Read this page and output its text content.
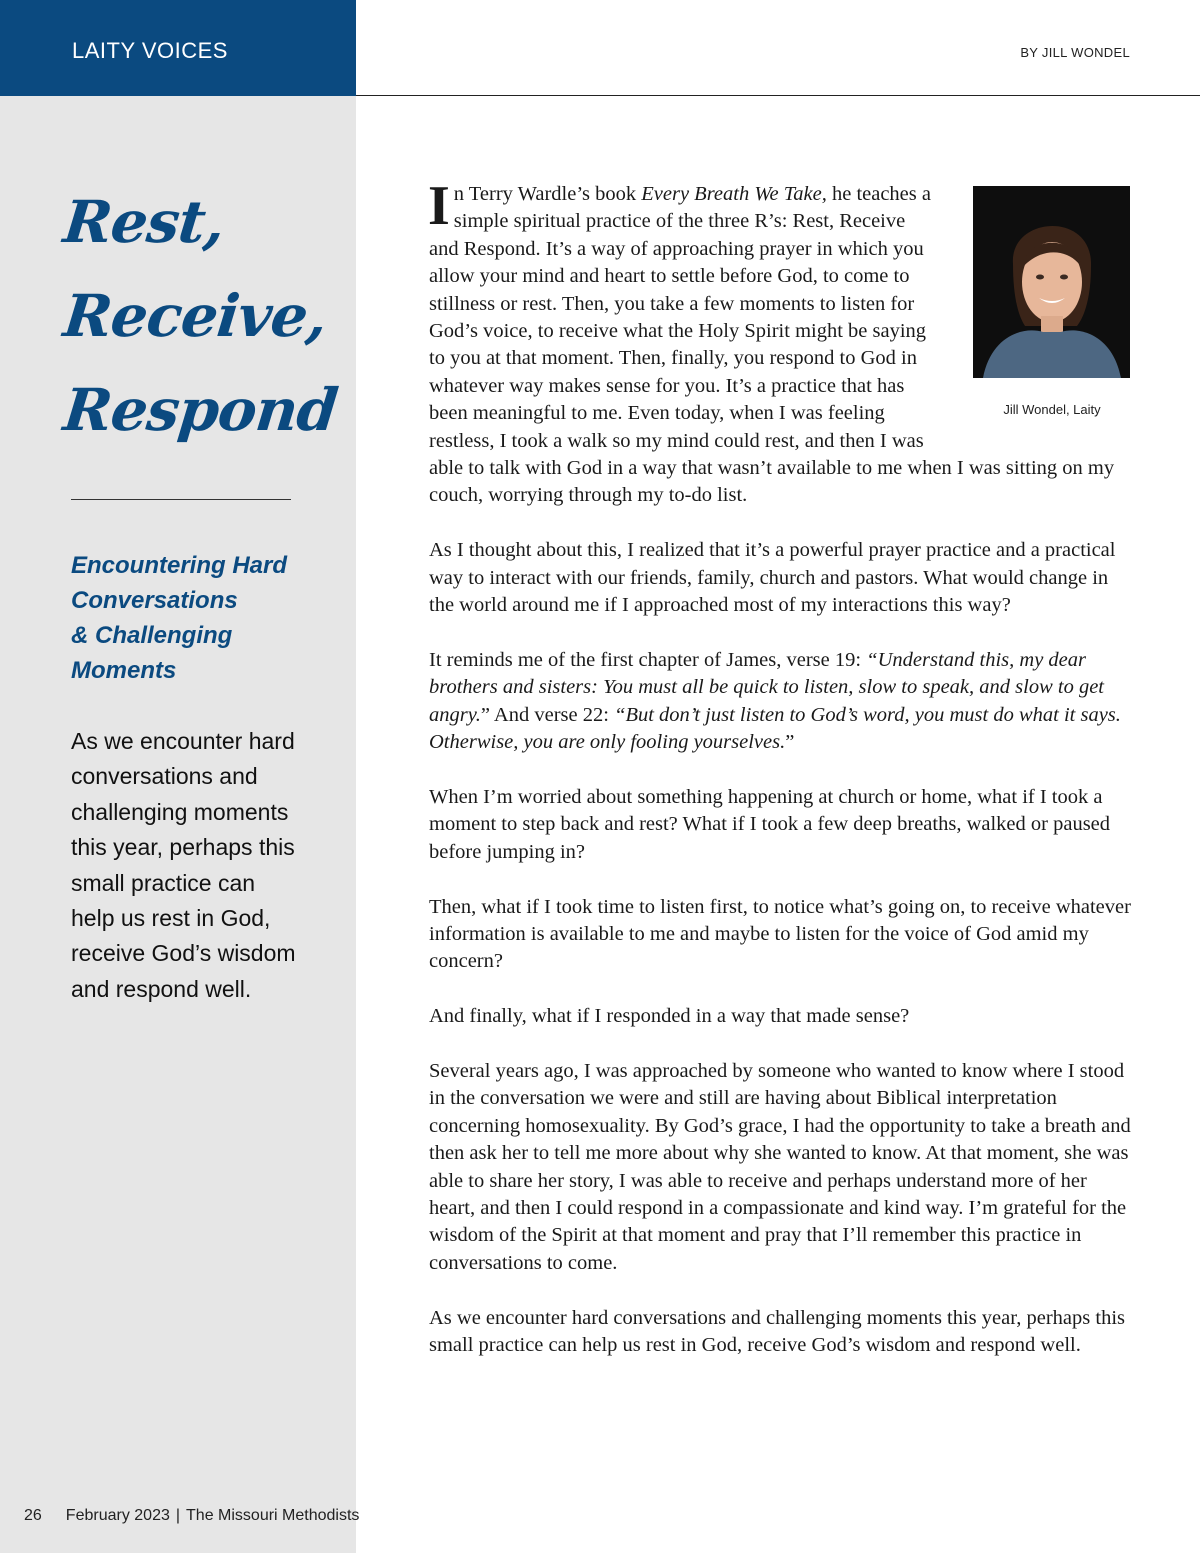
LAITY VOICES	BY JILL WONDEL
Rest,
Receive,
Respond
Encountering Hard
Conversations
& Challenging
Moments
As we encounter hard conversations and challenging moments this year, perhaps this small practice can help us rest in God, receive God’s wisdom and respond well.
Jill Wondel, Laity

In Terry Wardle’s book Every Breath We Take, he teaches a simple spiritual practice of the three R’s: Rest, Receive and Respond. It’s a way of approaching prayer in which you allow your mind and heart to settle before God, to come to stillness or rest. Then, you take a few moments to listen for God’s voice, to receive what the Holy Spirit might be saying to you at that moment. Then, finally, you respond to God in whatever way makes sense for you. It’s a practice that has been meaningful to me. Even today, when I was feeling restless, I took a walk so my mind could rest, and then I was able to talk with God in a way that wasn’t available to me when I was sitting on my couch, worrying through my to-do list.

As I thought about this, I realized that it’s a powerful prayer practice and a practical way to interact with our friends, family, church and pastors. What would change in the world around me if I approached most of my interactions this way?

It reminds me of the first chapter of James, verse 19: “Understand this, my dear brothers and sisters: You must all be quick to listen, slow to speak, and slow to get angry.” And verse 22: “But don’t just listen to God’s word, you must do what it says. Otherwise, you are only fooling yourselves.”

When I’m worried about something happening at church or home, what if I took a moment to step back and rest? What if I took a few deep breaths, walked or paused before jumping in?

Then, what if I took time to listen first, to notice what’s going on, to receive whatever information is available to me and maybe to listen for the voice of God amid my concern?

And finally, what if I responded in a way that made sense?

Several years ago, I was approached by someone who wanted to know where I stood in the conversation we were and still are having about Biblical interpretation concerning homosexuality. By God’s grace, I had the opportunity to take a breath and then ask her to tell me more about why she wanted to know. At that moment, she was able to share her story, I was able to receive and perhaps understand more of her heart, and then I could respond in a compassionate and kind way. I’m grateful for the wisdom of the Spirit at that moment and pray that I’ll remember this practice in conversations to come.

As we encounter hard conversations and challenging moments this year, perhaps this small practice can help us rest in God, receive God’s wisdom and respond well.

26 February 2023 | The Missouri Methodists
